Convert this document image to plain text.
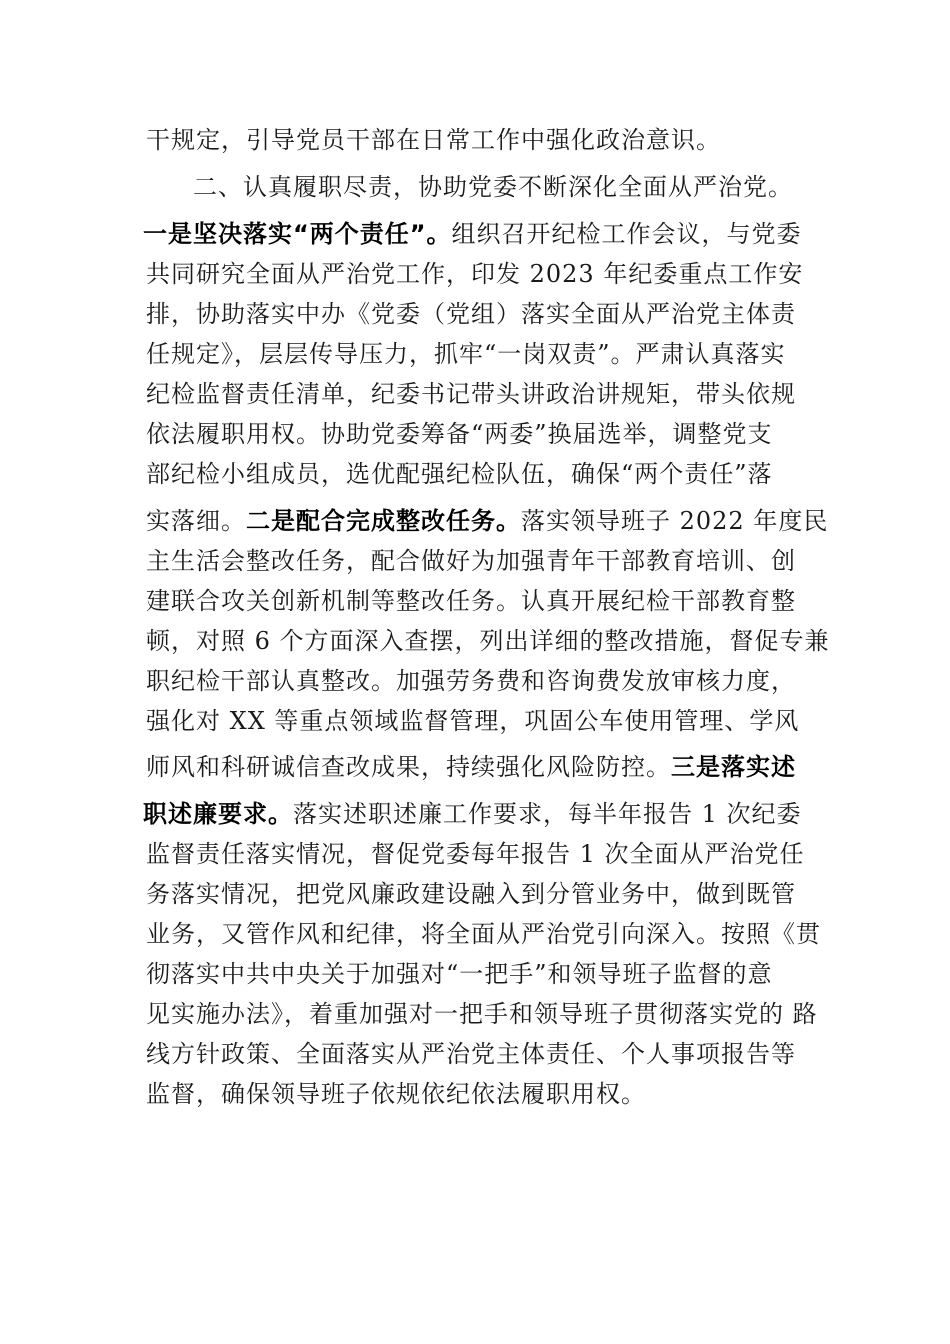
干规定，引导党员干部在日常工作中强化政治意识。
二、认真履职尽责，协助党委不断深化全面从严治党。
一是坚决落实“两个责任”。组织召开纪检工作会议，与党委
共同研究全面从严治党工作，印发 2023 年纪委重点工作安
排，协助落实中办《党委（党组）落实全面从严治党主体责
任规定》，层层传导压力，抓牢“一岗双责”。严肃认真落实
纪检监督责任清单，纪委书记带头讲政治讲规矩，带头依规
依法履职用权。协助党委筹备“两委”换届选举，调整党支
部纪检小组成员，选优配强纪检队伍，确保“两个责任”落
实落细。二是配合完成整改任务。落实领导班子 2022 年度民
主生活会整改任务，配合做好为加强青年干部教育培训、创
建联合攻关创新机制等整改任务。认真开展纪检干部教育整
顿，对照 6 个方面深入查摆，列出详细的整改措施，督促专兼
职纪检干部认真整改。加强劳务费和咨询费发放审核力度，
强化对 XX 等重点领域监督管理，巩固公车使用管理、学风
师风和科研诚信查改成果，持续强化风险防控。三是落实述
职述廉要求。落实述职述廉工作要求，每半年报告 1 次纪委
监督责任落实情况，督促党委每年报告 1 次全面从严治党任
务落实情况，把党风廉政建设融入到分管业务中，做到既管
业务，又管作风和纪律，将全面从严治党引向深入。按照《贯
彻落实中共中央关于加强对“一把手”和领导班子监督的意
见实施办法》，着重加强对一把手和领导班子贯彻落实党的 路
线方针政策、全面落实从严治党主体责任、个人事项报告等
监督，确保领导班子依规依纪依法履职用权。
